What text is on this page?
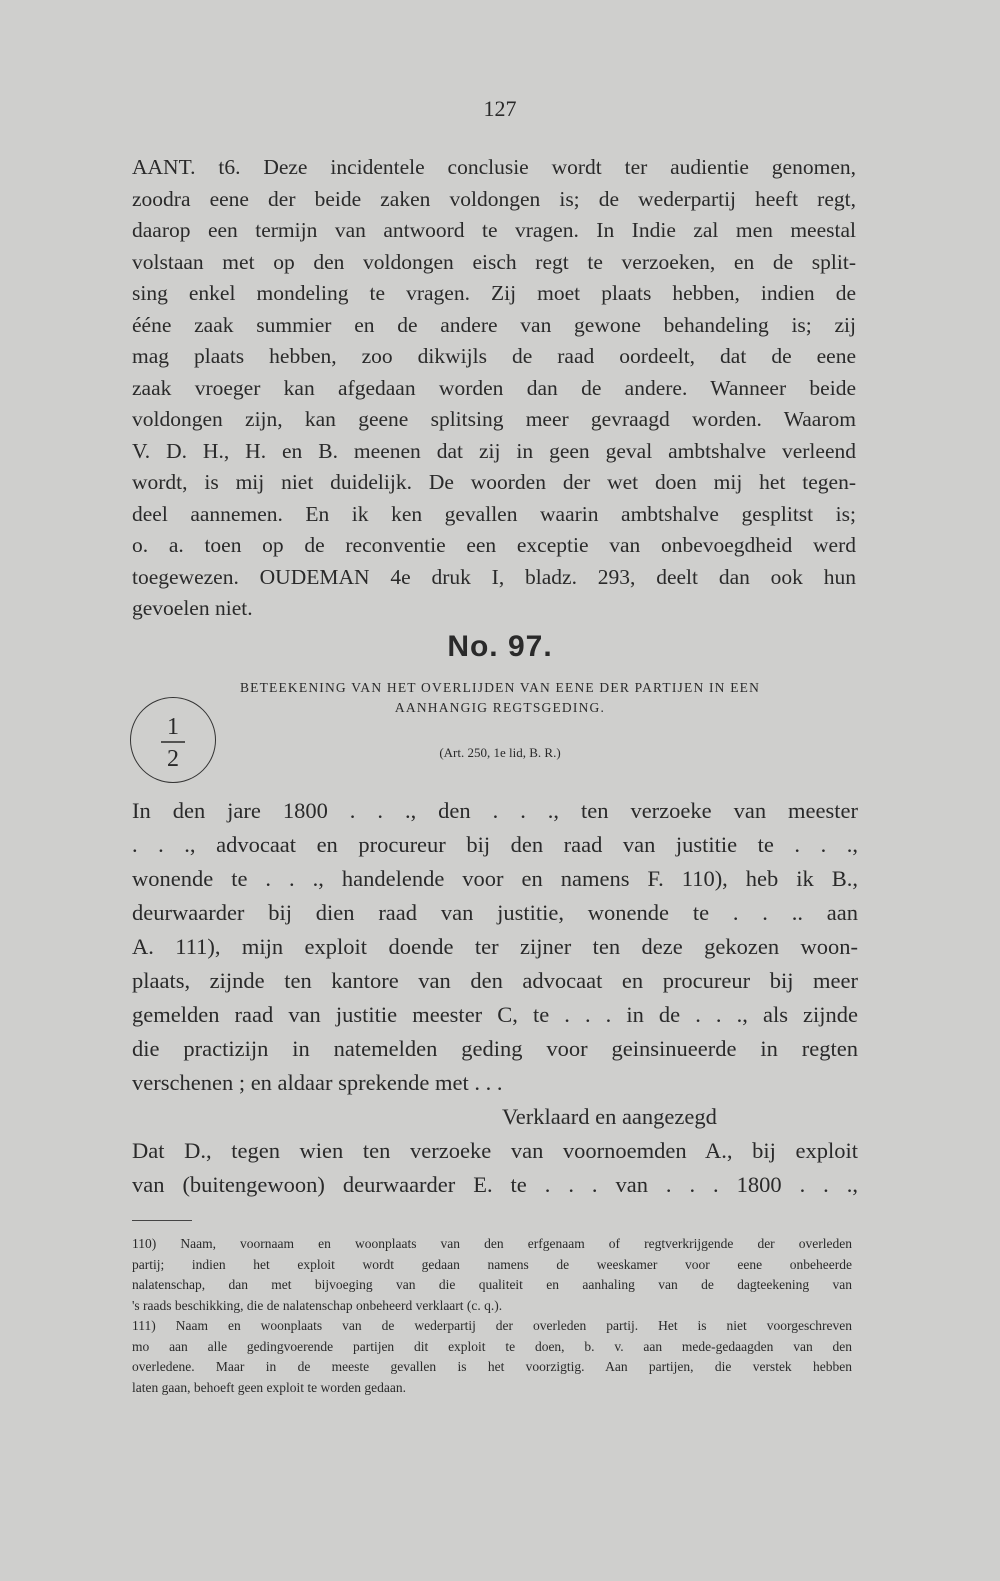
127

AANT. t6. Deze incidentele conclusie wordt ter audientie genomen,
zoodra eene der beide zaken voldongen is; de wederpartij heeft regt,
daarop een termijn van antwoord te vragen. In Indie zal men meestal
volstaan met op den voldongen eisch regt te verzoeken, en de split-
sing enkel mondeling te vragen. Zij moet plaats hebben, indien de
ééne zaak summier en de andere van gewone behandeling is; zij
mag plaats hebben, zoo dikwijls de raad oordeelt, dat de eene
zaak vroeger kan afgedaan worden dan de andere. Wanneer beide
voldongen zijn, kan geene splitsing meer gevraagd worden. Waarom
V. D. H., H. en B. meenen dat zij in geen geval ambtshalve verleend
wordt, is mij niet duidelijk. De woorden der wet doen mij het tegen-
deel aannemen. En ik ken gevallen waarin ambtshalve gesplitst is;
o. a. toen op de reconventie een exceptie van onbevoegdheid werd
toegewezen. OUDEMAN 4e druk I, bladz. 293, deelt dan ook hun
gevoelen niet.

No. 97.
BETEEKENING VAN HET OVERLIJDEN VAN EENE DER PARTIJEN IN EEN
AANHANGIG REGTSGEDING.
(Art. 250, 1e lid, B. R.)
1
2

In den jare 1800 . . ., den . . ., ten verzoeke van meester
. . ., advocaat en procureur bij den raad van justitie te . . .,
wonende te . . ., handelende voor en namens F. 110), heb ik B.,
deurwaarder bij dien raad van justitie, wonende te . . .. aan
A. 111), mijn exploit doende ter zijner ten deze gekozen woon-
plaats, zijnde ten kantore van den advocaat en procureur bij meer
gemelden raad van justitie meester C, te . . . in de . . ., als zijnde
die practizijn in natemelden geding voor geinsinueerde in regten
verschenen ; en aldaar sprekende met . . .
Verklaard en aangezegd
Dat D., tegen wien ten verzoeke van voornoemden A., bij exploit
van (buitengewoon) deurwaarder E. te . . . van . . . 1800 . . .,

110) Naam, voornaam en woonplaats van den erfgenaam of regtverkrijgende der overleden
partij; indien het exploit wordt gedaan namens de weeskamer voor eene onbeheerde
nalatenschap, dan met bijvoeging van die qualiteit en aanhaling van de dagteekening van
's raads beschikking, die de nalatenschap onbeheerd verklaart (c. q.).
111) Naam en woonplaats van de wederpartij der overleden partij. Het is niet voorgeschreven
mo aan alle gedingvoerende partijen dit exploit te doen, b. v. aan mede-gedaagden van den
overledene. Maar in de meeste gevallen is het voorzigtig. Aan partijen, die verstek hebben
laten gaan, behoeft geen exploit te worden gedaan.
